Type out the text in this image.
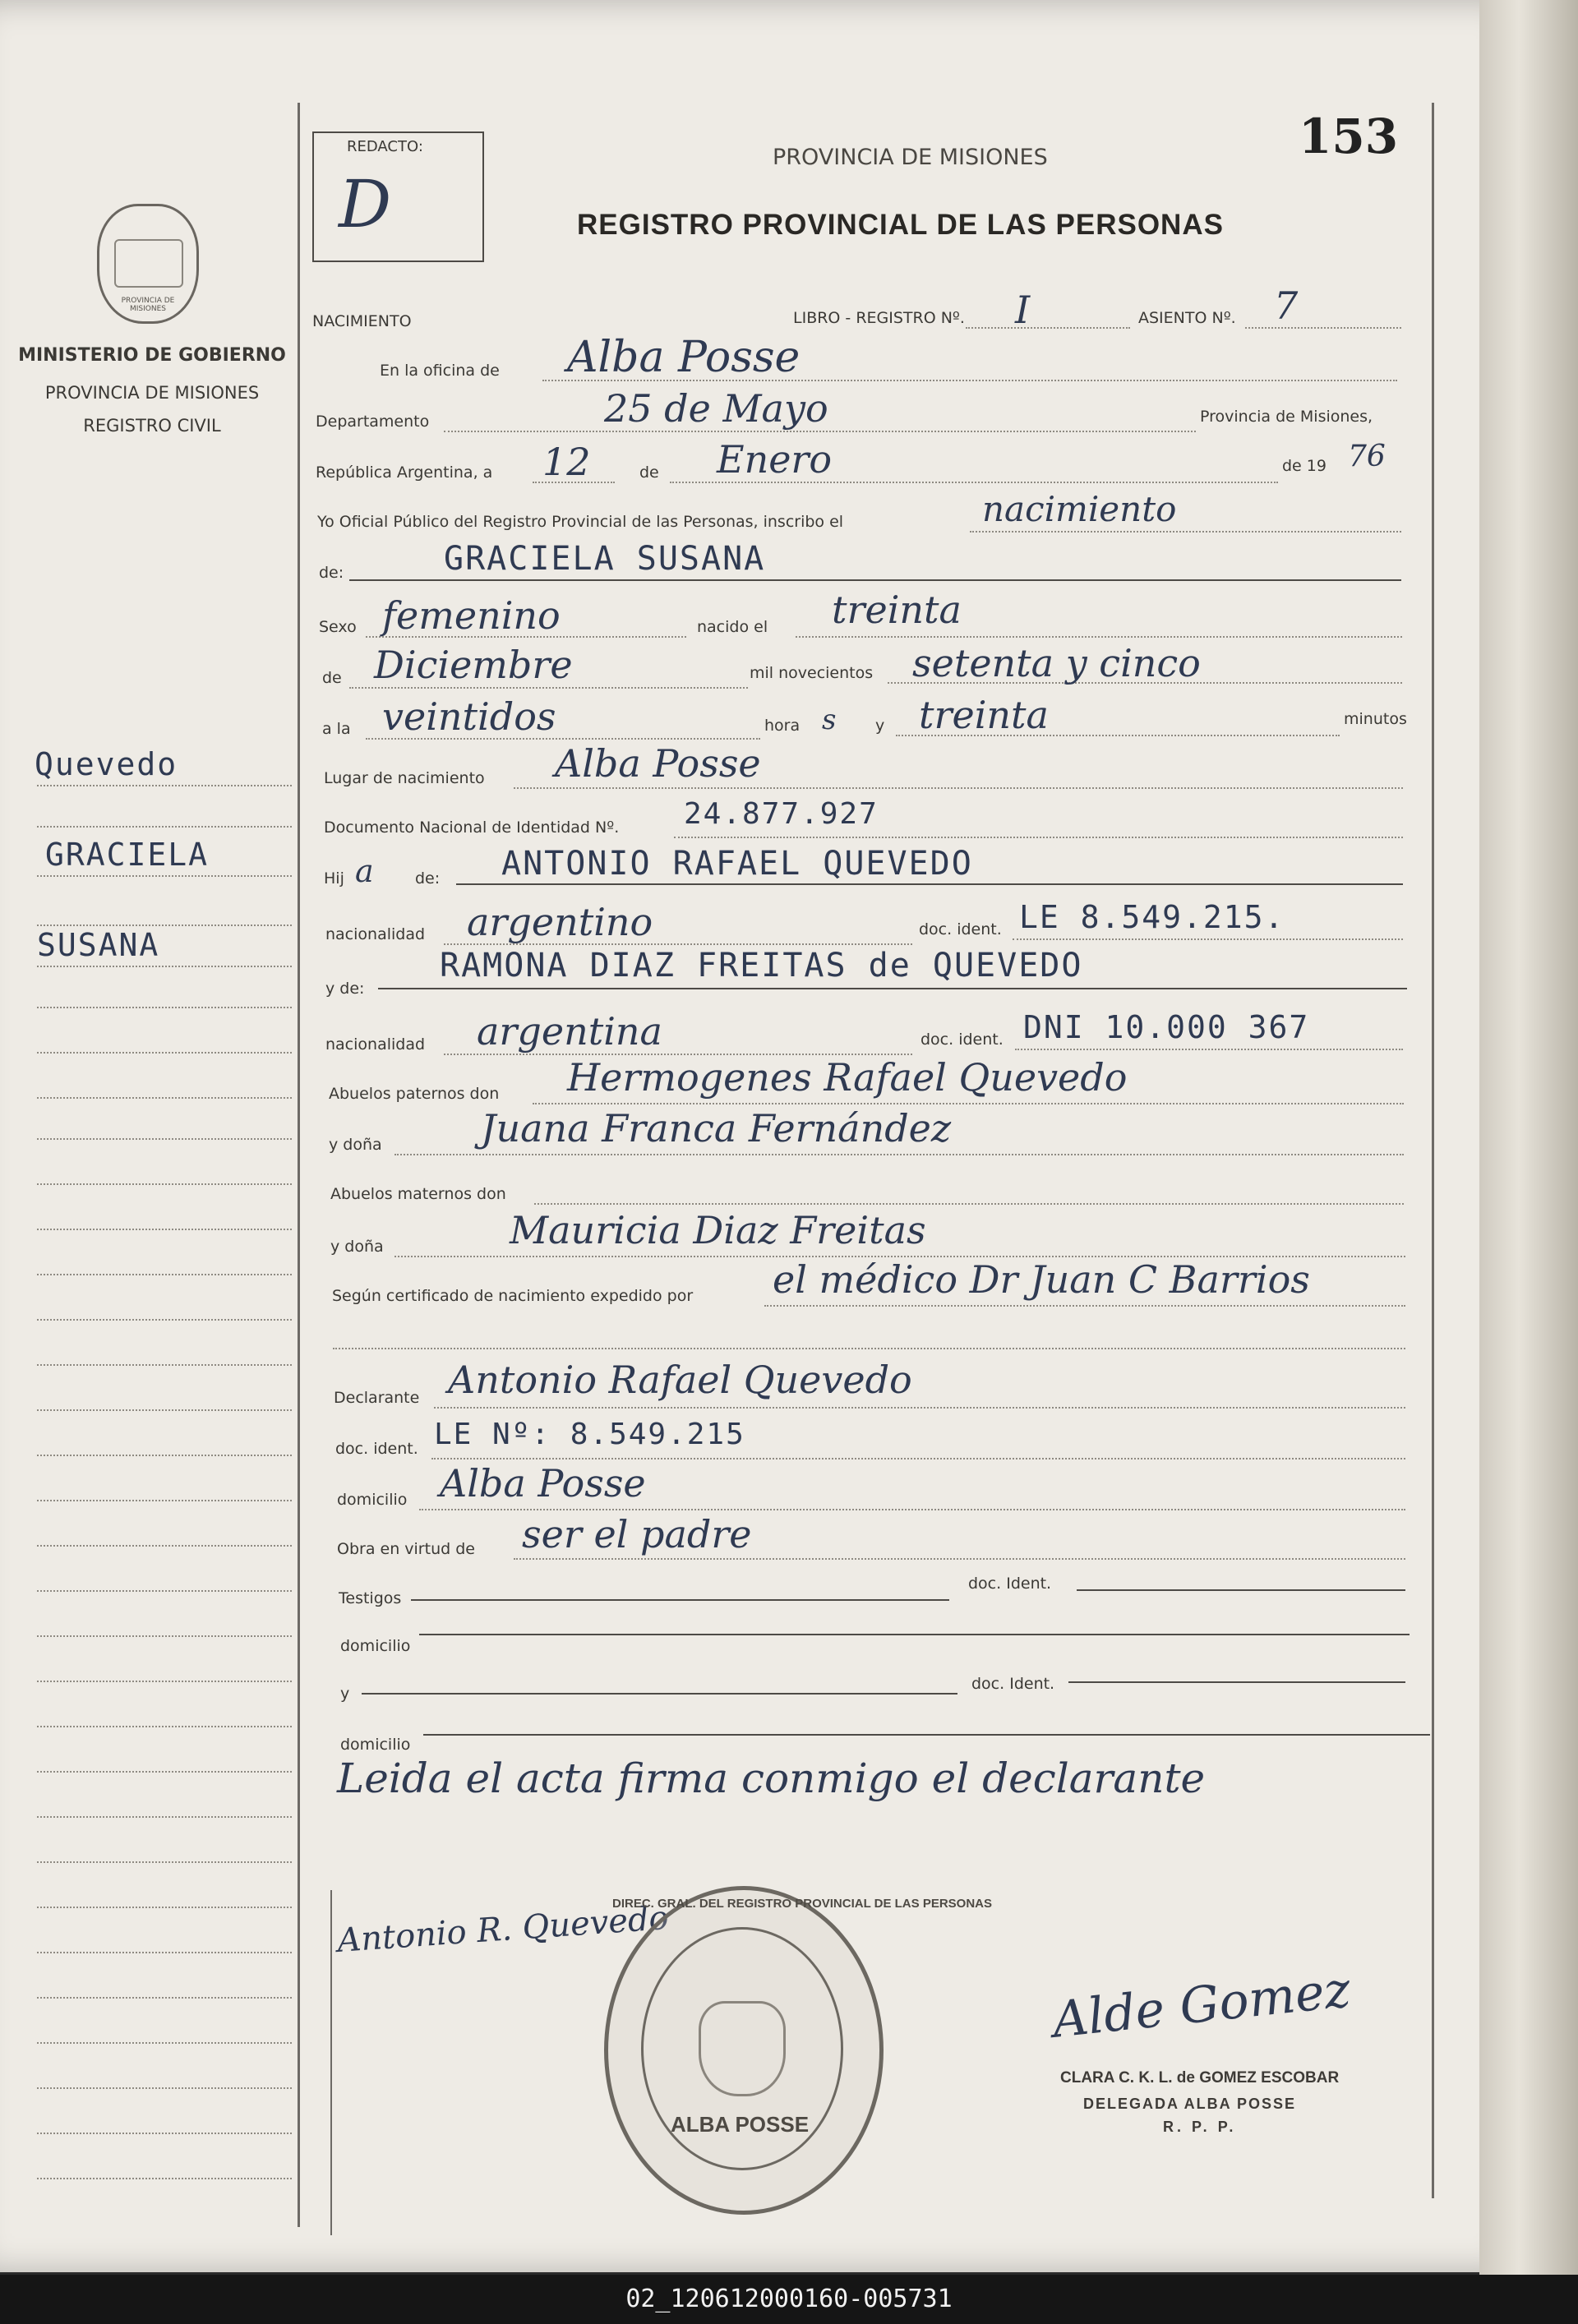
PROVINCIA DE MISIONES
MINISTERIO DE GOBIERNO
PROVINCIA DE MISIONES
REGISTRO CIVIL
Quevedo
GRACIELA
SUSANA
REDACTO:
D
PROVINCIA DE MISIONES	153
REGISTRO PROVINCIAL DE LAS PERSONAS
NACIMIENTO	LIBRO - REGISTRO Nº. I	ASIENTO Nº. 7
En la oficina de Alba Posse
Departamento	25 de Mayo	Provincia de Misiones,
República Argentina, a 12	de Enero	de 19 76
Yo Oficial Público del Registro Provincial de las Personas, inscribo el	nacimiento
de:	GRACIELA SUSANA
Sexo femenino	nacido el treinta
de Diciembre	mil novecientos setenta y cinco
a la veintidos	hora s	y treinta	minutos
Lugar de nacimiento Alba Posse
Documento Nacional de Identidad Nº. 24.877.927
Hij a	de: ANTONIO RAFAEL QUEVEDO
nacionalidad argentino	doc. ident. LE 8.549.215.
y de:
RAMONA DIAZ FREITAS de QUEVEDO
nacionalidad argentina	doc. ident. DNI 10.000 367
Abuelos paternos don Hermogenes Rafael Quevedo
y doña	Juana Franca Fernández
Abuelos maternos don
y doña	Mauricia Diaz Freitas
Según certificado de nacimiento expedido por el médico Dr Juan C Barrios
Declarante Antonio Rafael Quevedo
doc. ident. LE Nº: 8.549.215
domicilio Alba Posse
Obra en virtud de ser el padre
Testigos
doc. Ident.
domicilio
y
doc. Ident.
domicilio
Leida el acta firma conmigo el declarante
Antonio R. Quevedo
DIREC. GRAL. DEL REGISTRO PROVINCIAL DE LAS PERSONAS
ALBA POSSE
Alde Gomez
CLARA C. K. L. de GOMEZ ESCOBAR
DELEGADA ALBA POSSE
R. P. P.
02_120612000160-005731
